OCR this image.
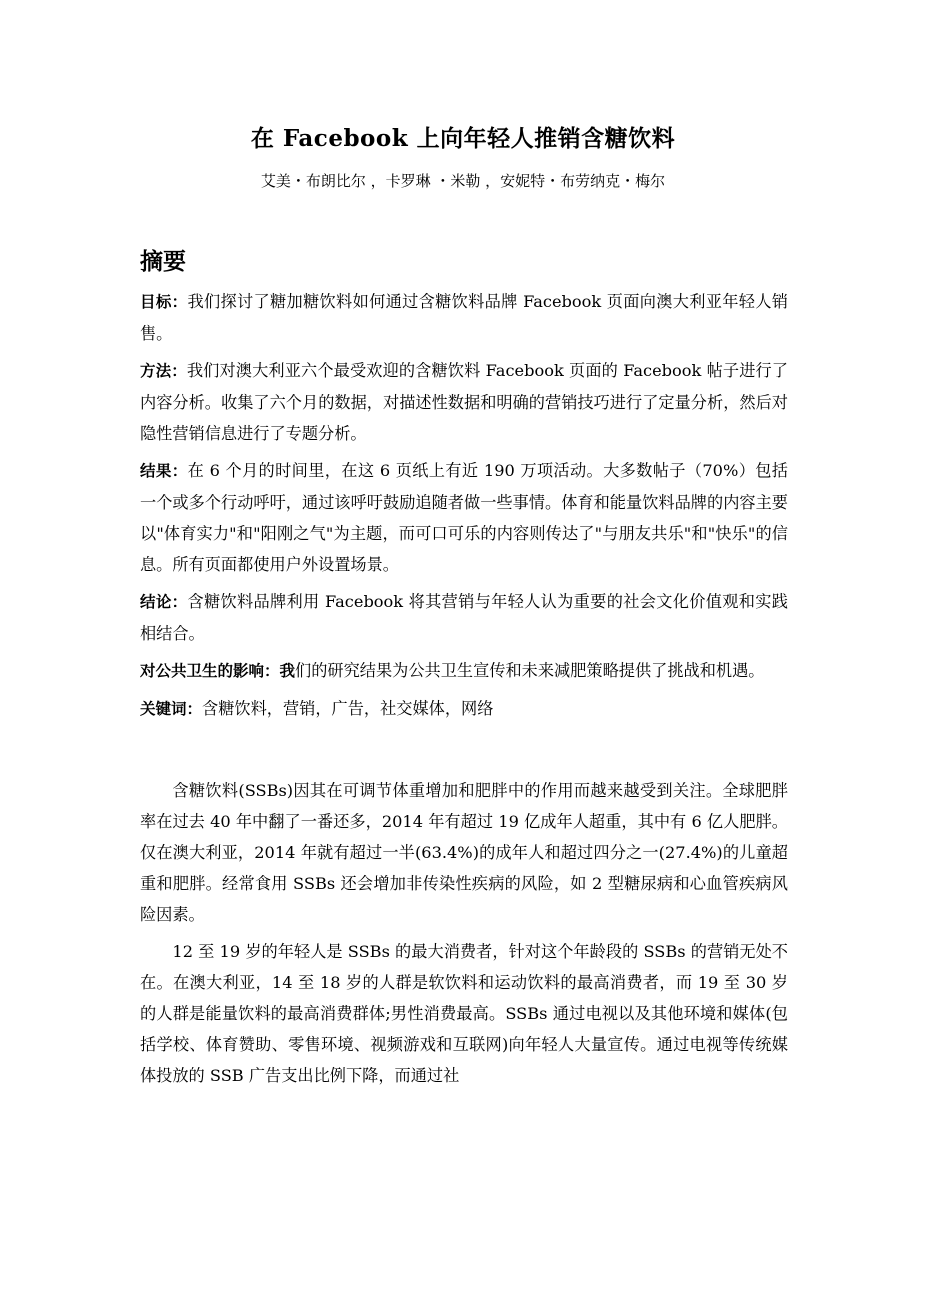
在 Facebook 上向年轻人推销含糖饮料
艾美・布朗比尔 ，卡罗琳 ・米勒 ，安妮特・布劳纳克・梅尔
摘要

目标：我们探讨了糖加糖饮料如何通过含糖饮料品牌 Facebook 页面向澳大利亚年轻人销售。

方法：我们对澳大利亚六个最受欢迎的含糖饮料 Facebook 页面的 Facebook 帖子进行了内容分析。收集了六个月的数据，对描述性数据和明确的营销技巧进行了定量分析，然后对隐性营销信息进行了专题分析。

结果：在 6 个月的时间里，在这 6 页纸上有近 190 万项活动。大多数帖子（70%）包括一个或多个行动呼吁，通过该呼吁鼓励追随者做一些事情。体育和能量饮料品牌的内容主要以"体育实力"和"阳刚之气"为主题，而可口可乐的内容则传达了"与朋友共乐"和"快乐"的信息。所有页面都使用户外设置场景。

结论：含糖饮料品牌利用 Facebook 将其营销与年轻人认为重要的社会文化价值观和实践相结合。

对公共卫生的影响：我们的研究结果为公共卫生宣传和未来减肥策略提供了挑战和机遇。

关键词：含糖饮料，营销，广告，社交媒体，网络

含糖饮料(SSBs)因其在可调节体重增加和肥胖中的作用而越来越受到关注。全球肥胖率在过去 40 年中翻了一番还多，2014 年有超过 19 亿成年人超重，其中有 6 亿人肥胖。仅在澳大利亚，2014 年就有超过一半(63.4%)的成年人和超过四分之一(27.4%)的儿童超重和肥胖。经常食用 SSBs 还会增加非传染性疾病的风险，如 2 型糖尿病和心血管疾病风险因素。

12 至 19 岁的年轻人是 SSBs 的最大消费者，针对这个年龄段的 SSBs 的营销无处不在。在澳大利亚，14 至 18 岁的人群是软饮料和运动饮料的最高消费者，而 19 至 30 岁的人群是能量饮料的最高消费群体;男性消费最高。SSBs 通过电视以及其他环境和媒体(包括学校、体育赞助、零售环境、视频游戏和互联网)向年轻人大量宣传。通过电视等传统媒体投放的 SSB 广告支出比例下降，而通过社
